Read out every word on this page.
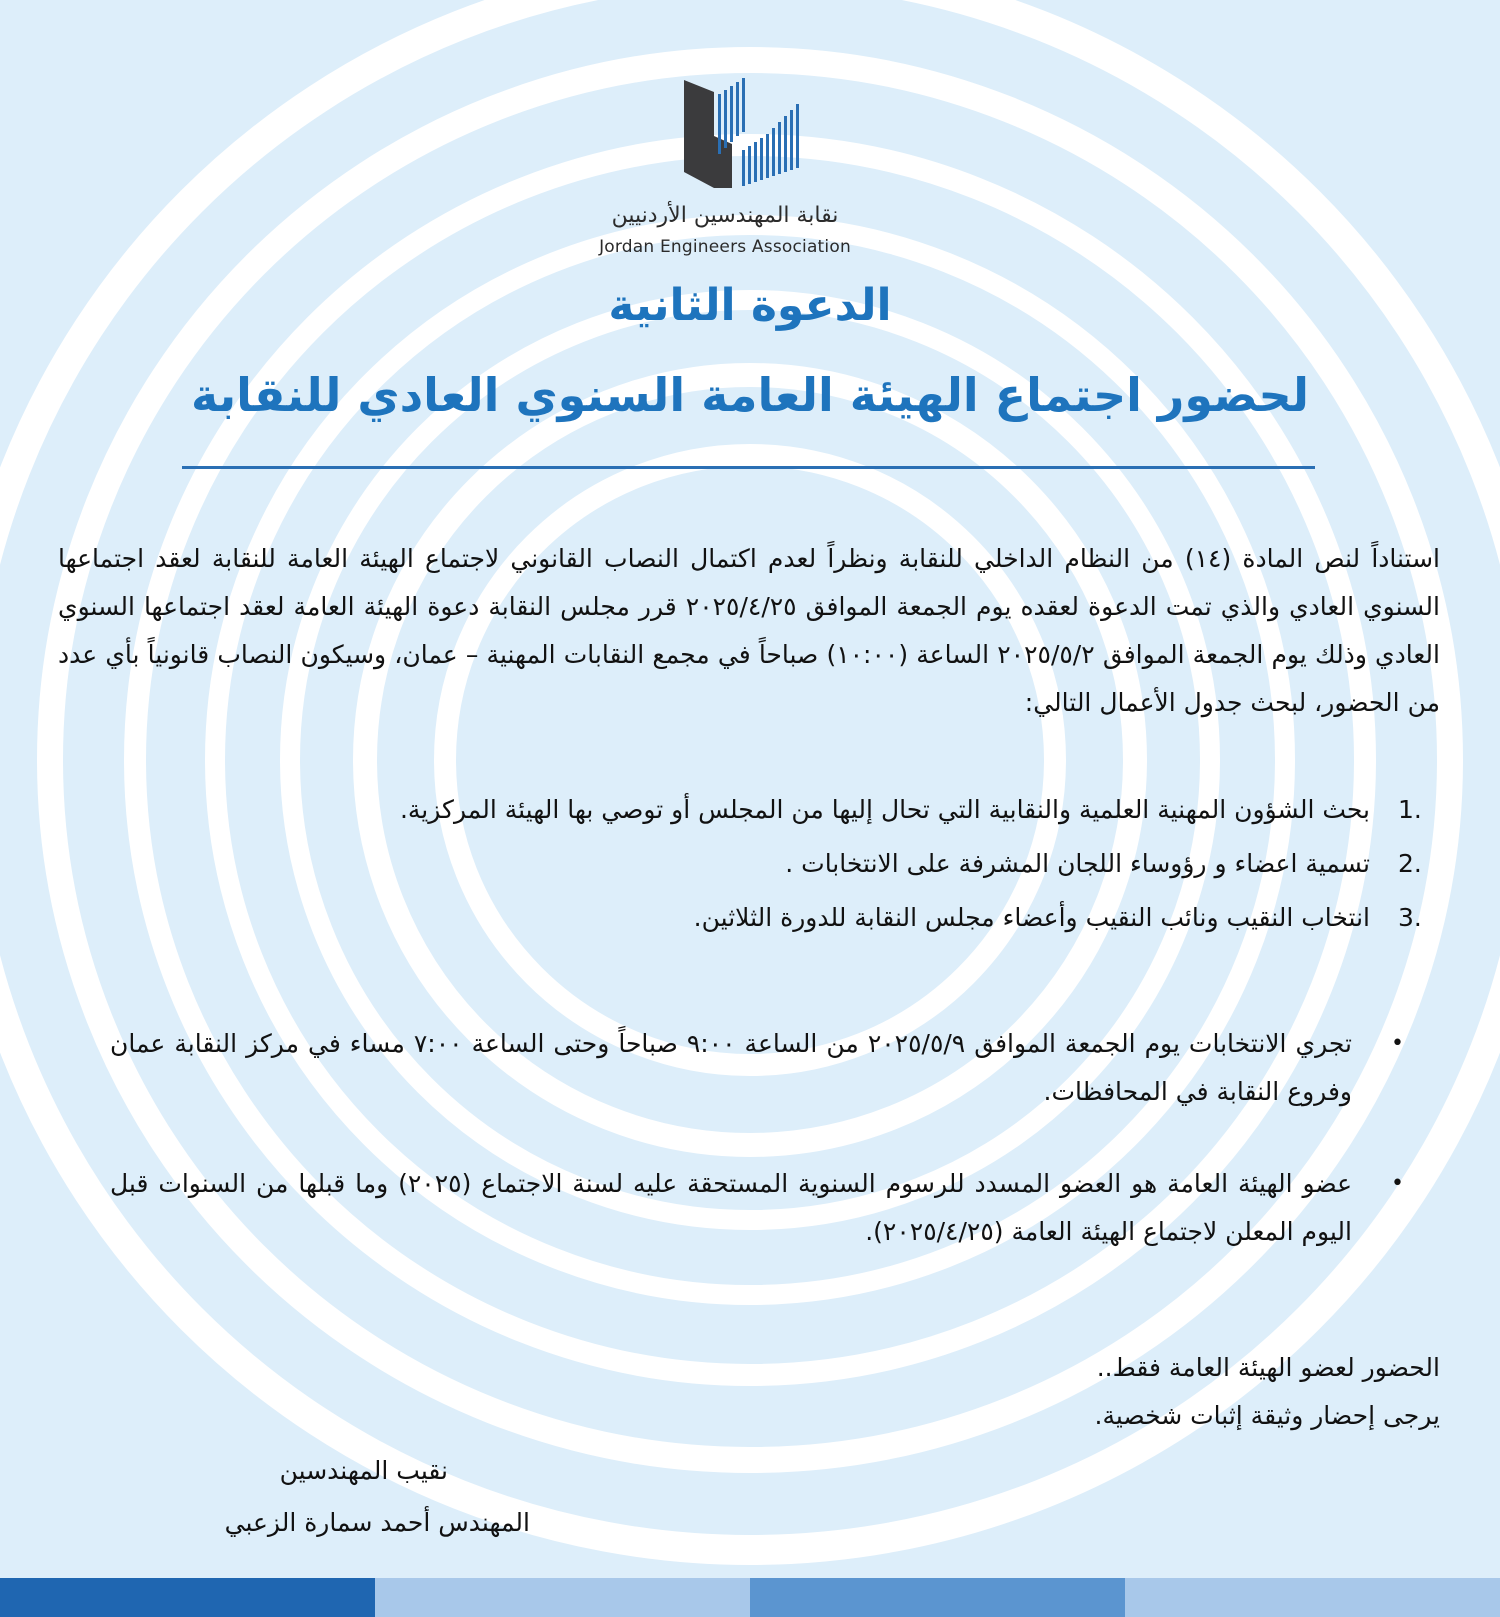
نقابة المهندسين الأردنيين
Jordan Engineers Association
الدعوة الثانية
لحضور اجتماع الهيئة العامة السنوي العادي للنقابة
استناداً لنص المادة (١٤) من النظام الداخلي للنقابة ونظراً لعدم اكتمال النصاب القانوني لاجتماع الهيئة العامة للنقابة لعقد اجتماعها السنوي العادي والذي تمت الدعوة لعقده يوم الجمعة الموافق ٢٠٢٥/٤/٢٥ قرر مجلس النقابة دعوة الهيئة العامة لعقد اجتماعها السنوي العادي وذلك يوم الجمعة الموافق ٢٠٢٥/٥/٢ الساعة (١٠:٠٠) صباحاً في مجمع النقابات المهنية – عمان، وسيكون النصاب قانونياً بأي عدد من الحضور، لبحث جدول الأعمال التالي:
1.
بحث الشؤون المهنية العلمية والنقابية التي تحال إليها من المجلس أو توصي بها الهيئة المركزية.
2.
تسمية اعضاء و رؤوساء اللجان المشرفة على الانتخابات .
3.
انتخاب النقيب ونائب النقيب وأعضاء مجلس النقابة للدورة الثلاثين.
•
تجري الانتخابات يوم الجمعة الموافق ٢٠٢٥/٥/٩ من الساعة ٩:٠٠ صباحاً وحتى الساعة ٧:٠٠ مساء في مركز النقابة عمان وفروع النقابة في المحافظات.
•
عضو الهيئة العامة هو العضو المسدد للرسوم السنوية المستحقة عليه لسنة الاجتماع (٢٠٢٥) وما قبلها من السنوات قبل اليوم المعلن لاجتماع الهيئة العامة (٢٠٢٥/٤/٢٥).
الحضور لعضو الهيئة العامة فقط..
يرجى إحضار وثيقة إثبات شخصية.
نقيب المهندسين
المهندس أحمد سمارة الزعبي
